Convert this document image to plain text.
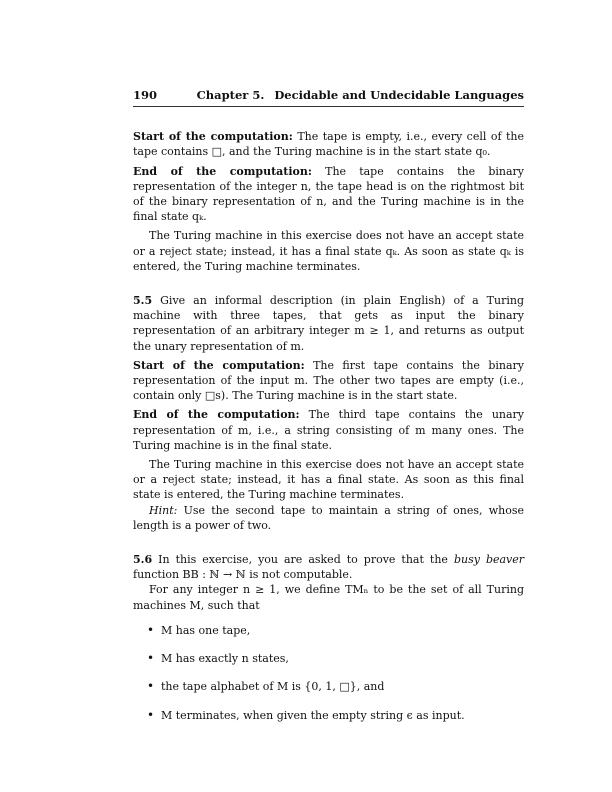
190	Chapter 5. Decidable and Undecidable Languages

Start of the computation: The tape is empty, i.e., every cell of the tape contains □, and the Turing machine is in the start state q₀.

End of the computation: The tape contains the binary representation of the integer n, the tape head is on the rightmost bit of the binary representation of n, and the Turing machine is in the final state qₖ.

The Turing machine in this exercise does not have an accept state or a reject state; instead, it has a final state qₖ. As soon as state qₖ is entered, the Turing machine terminates.

5.5 Give an informal description (in plain English) of a Turing machine with three tapes, that gets as input the binary representation of an arbitrary integer m ≥ 1, and returns as output the unary representation of m.

Start of the computation: The first tape contains the binary representation of the input m. The other two tapes are empty (i.e., contain only □s). The Turing machine is in the start state.

End of the computation: The third tape contains the unary representation of m, i.e., a string consisting of m many ones. The Turing machine is in the final state.

The Turing machine in this exercise does not have an accept state or a reject state; instead, it has a final state. As soon as this final state is entered, the Turing machine terminates.

Hint: Use the second tape to maintain a string of ones, whose length is a power of two.

5.6 In this exercise, you are asked to prove that the busy beaver function BB : ℕ → ℕ is not computable.

For any integer n ≥ 1, we define TMₙ to be the set of all Turing machines M, such that

• M has one tape,
• M has exactly n states,
• the tape alphabet of M is {0, 1, □}, and
• M terminates, when given the empty string ϵ as input.
